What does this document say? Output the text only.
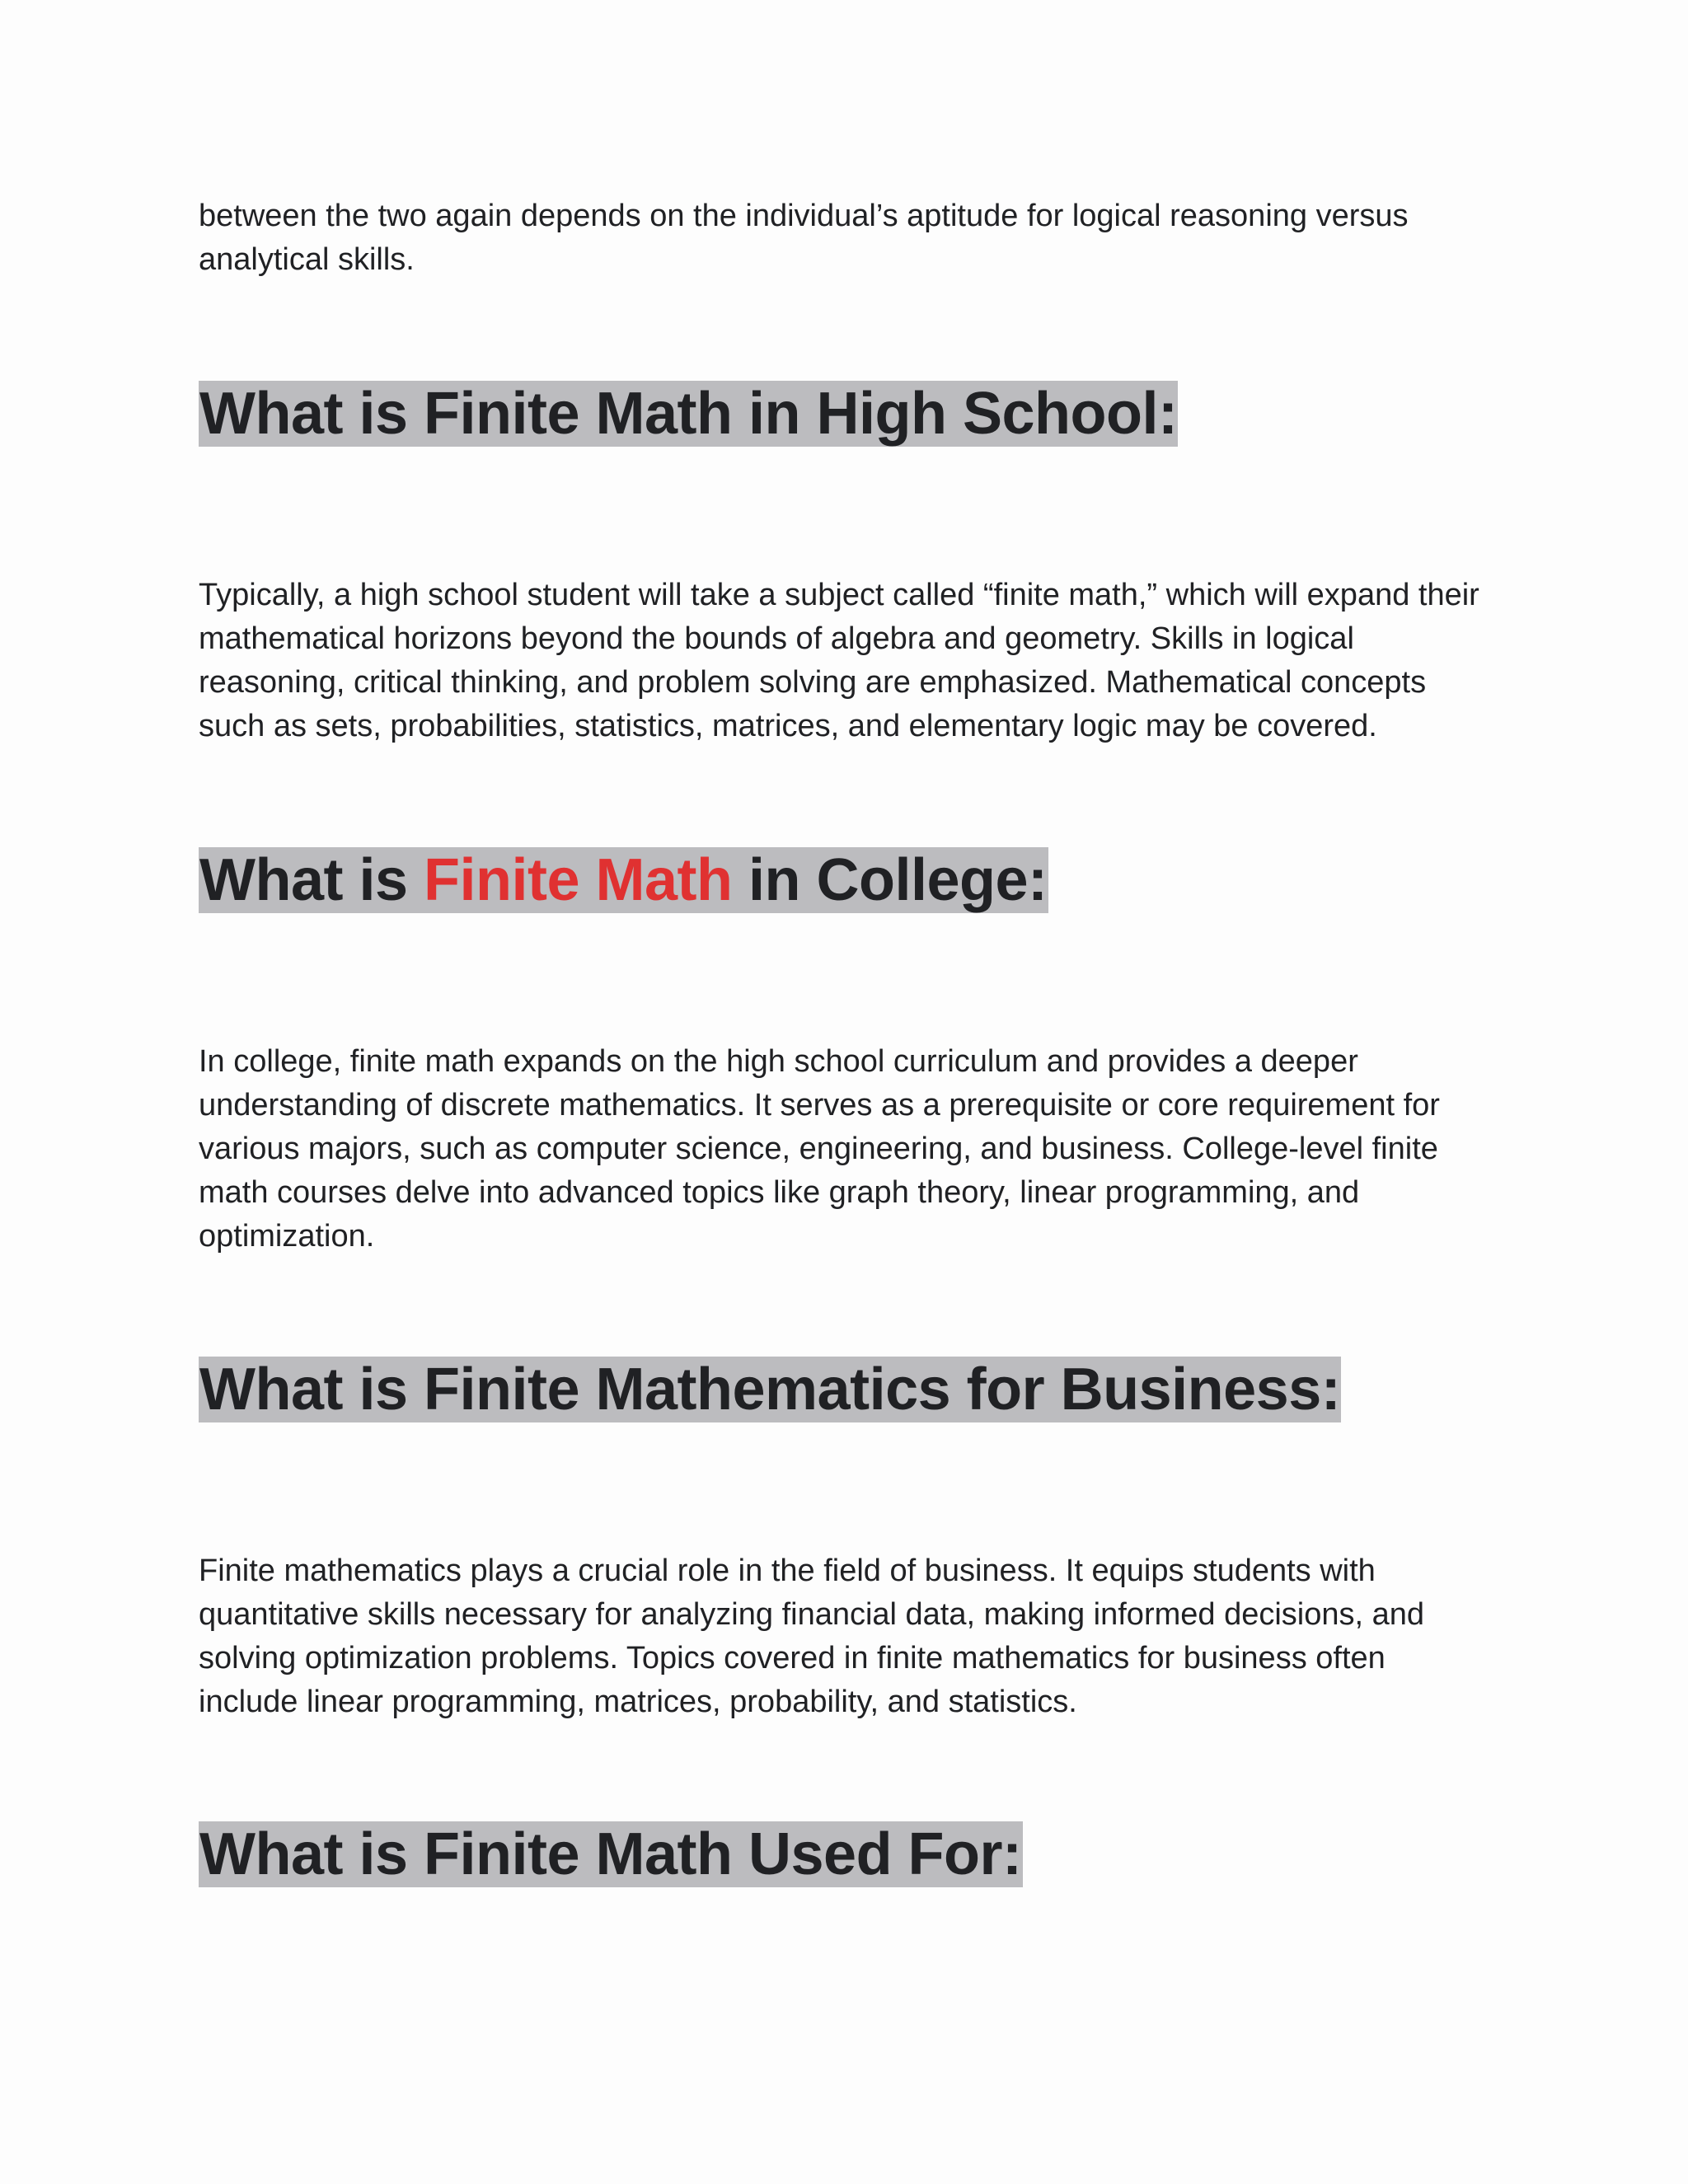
between the two again depends on the individual’s aptitude for logical reasoning versus analytical skills.

What is Finite Math in High School:

Typically, a high school student will take a subject called “finite math,” which will expand their mathematical horizons beyond the bounds of algebra and geometry. Skills in logical reasoning, critical thinking, and problem solving are emphasized. Mathematical concepts such as sets, probabilities, statistics, matrices, and elementary logic may be covered.

What is Finite Math in College:

In college, finite math expands on the high school curriculum and provides a deeper understanding of discrete mathematics. It serves as a prerequisite or core requirement for various majors, such as computer science, engineering, and business. College-level finite math courses delve into advanced topics like graph theory, linear programming, and optimization.

What is Finite Mathematics for Business:

Finite mathematics plays a crucial role in the field of business. It equips students with quantitative skills necessary for analyzing financial data, making informed decisions, and solving optimization problems. Topics covered in finite mathematics for business often include linear programming, matrices, probability, and statistics.

What is Finite Math Used For:
